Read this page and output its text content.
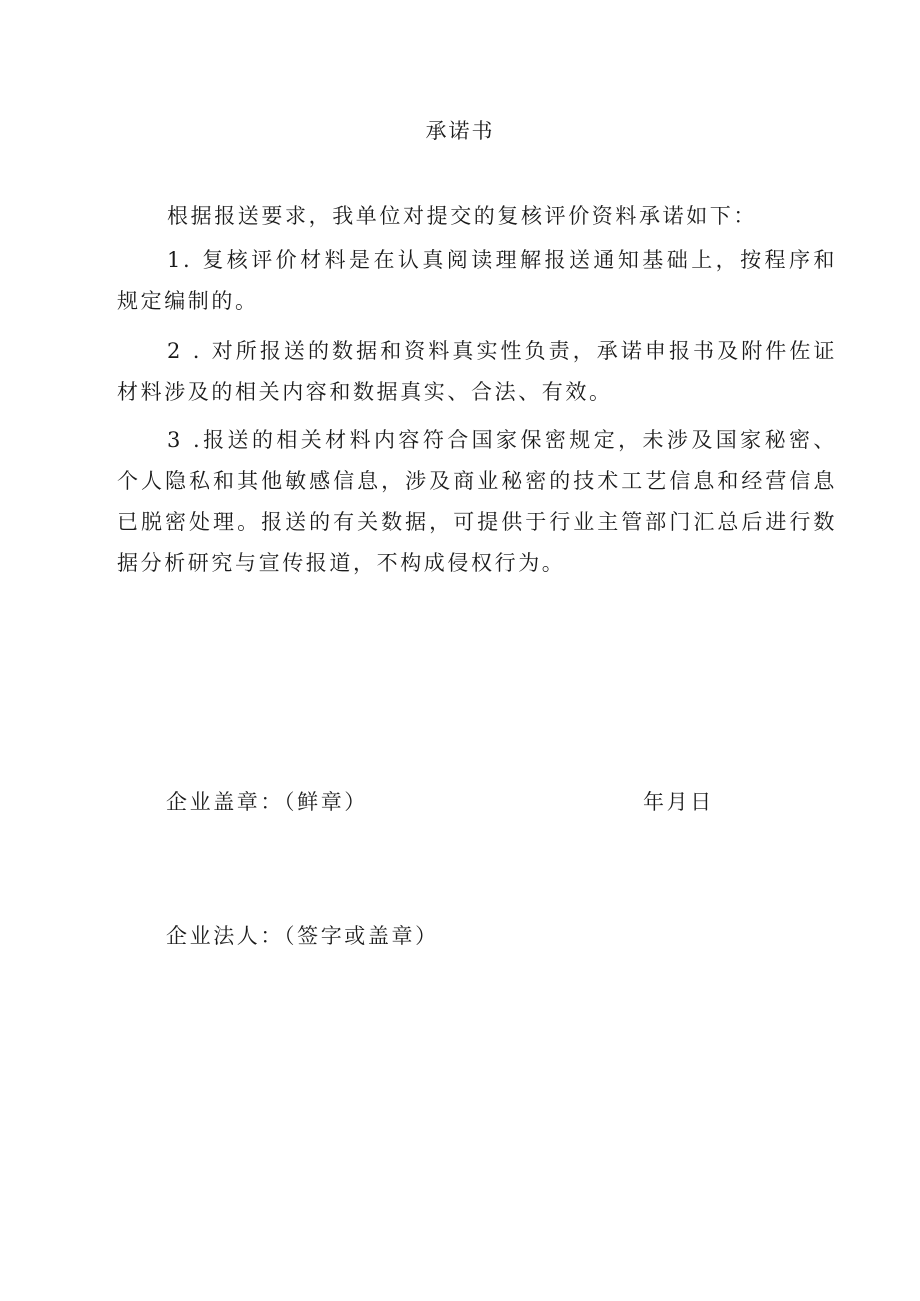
承诺书

根据报送要求，我单位对提交的复核评价资料承诺如下：

1. 复核评价材料是在认真阅读理解报送通知基础上，按程序和规定编制的。

2 . 对所报送的数据和资料真实性负责，承诺申报书及附件佐证材料涉及的相关内容和数据真实、合法、有效。

3 .报送的相关材料内容符合国家保密规定，未涉及国家秘密、个人隐私和其他敏感信息，涉及商业秘密的技术工艺信息和经营信息已脱密处理。报送的有关数据，可提供于行业主管部门汇总后进行数据分析研究与宣传报道，不构成侵权行为。

企业盖章：（鲜章）	年月日
企业法人：（签字或盖章）
